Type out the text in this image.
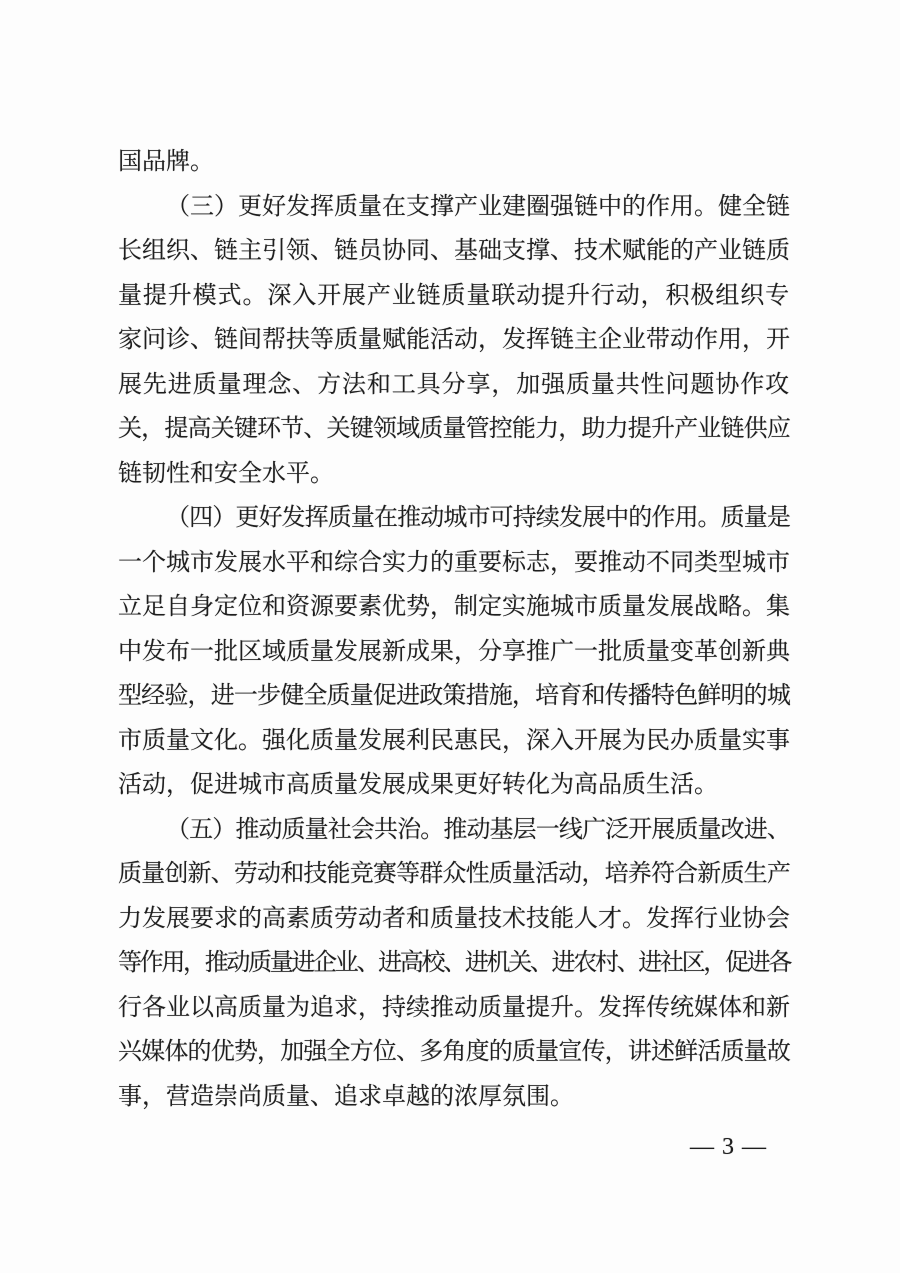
国品牌。
（三）更好发挥质量在支撑产业建圈强链中的作用。健全链
长组织、链主引领、链员协同、基础支撑、技术赋能的产业链质
量提升模式。深入开展产业链质量联动提升行动，积极组织专
家问诊、链间帮扶等质量赋能活动，发挥链主企业带动作用，开
展先进质量理念、方法和工具分享，加强质量共性问题协作攻
关，提高关键环节、关键领域质量管控能力，助力提升产业链供应
链韧性和安全水平。
（四）更好发挥质量在推动城市可持续发展中的作用。质量是
一个城市发展水平和综合实力的重要标志，要推动不同类型城市
立足自身定位和资源要素优势，制定实施城市质量发展战略。集
中发布一批区域质量发展新成果，分享推广一批质量变革创新典
型经验，进一步健全质量促进政策措施，培育和传播特色鲜明的城
市质量文化。强化质量发展利民惠民，深入开展为民办质量实事
活动，促进城市高质量发展成果更好转化为高品质生活。
（五）推动质量社会共治。推动基层一线广泛开展质量改进、
质量创新、劳动和技能竞赛等群众性质量活动，培养符合新质生产
力发展要求的高素质劳动者和质量技术技能人才。发挥行业协会
等作用，推动质量进企业、进高校、进机关、进农村、进社区，促进各
行各业以高质量为追求，持续推动质量提升。发挥传统媒体和新
兴媒体的优势，加强全方位、多角度的质量宣传，讲述鲜活质量故
事，营造崇尚质量、追求卓越的浓厚氛围。
— 3 —
